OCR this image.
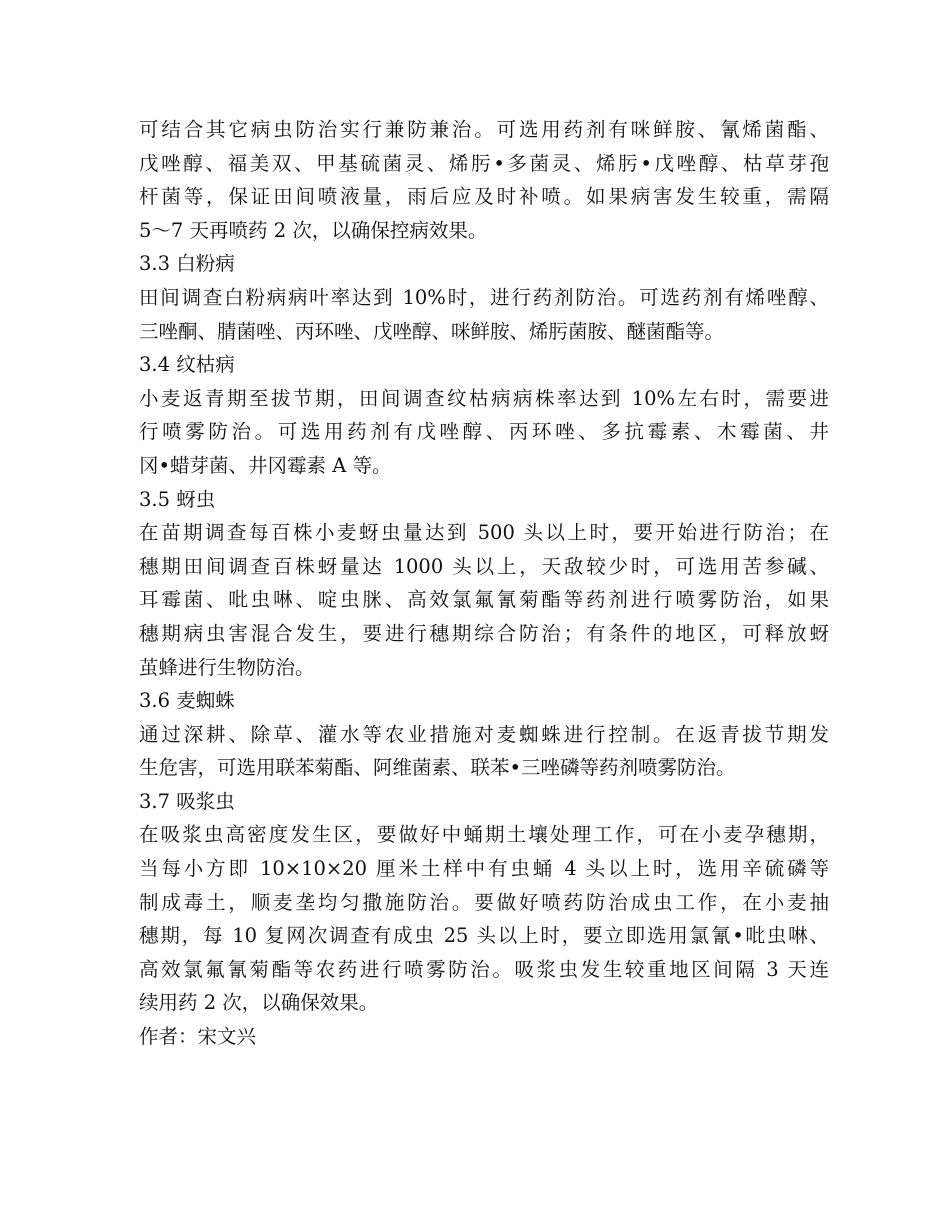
可结合其它病虫防治实行兼防兼治。可选用药剂有咪鲜胺、氰烯菌酯、
戊唑醇、福美双、甲基硫菌灵、烯肟•多菌灵、烯肟•戊唑醇、枯草芽孢
杆菌等，保证田间喷液量，雨后应及时补喷。如果病害发生较重，需隔
5～7 天再喷药 2 次，以确保控病效果。
3.3 白粉病
田间调查白粉病病叶率达到 10%时，进行药剂防治。可选药剂有烯唑醇、
三唑酮、腈菌唑、丙环唑、戊唑醇、咪鲜胺、烯肟菌胺、醚菌酯等。
3.4 纹枯病
小麦返青期至拔节期，田间调查纹枯病病株率达到 10%左右时，需要进
行喷雾防治。可选用药剂有戊唑醇、丙环唑、多抗霉素、木霉菌、井
冈•蜡芽菌、井冈霉素 A 等。
3.5 蚜虫
在苗期调查每百株小麦蚜虫量达到 500 头以上时，要开始进行防治；在
穗期田间调查百株蚜量达 1000 头以上，天敌较少时，可选用苦参碱、
耳霉菌、吡虫啉、啶虫脒、高效氯氟氰菊酯等药剂进行喷雾防治，如果
穗期病虫害混合发生，要进行穗期综合防治；有条件的地区，可释放蚜
茧蜂进行生物防治。
3.6 麦蜘蛛
通过深耕、除草、灌水等农业措施对麦蜘蛛进行控制。在返青拔节期发
生危害，可选用联苯菊酯、阿维菌素、联苯•三唑磷等药剂喷雾防治。
3.7 吸浆虫
在吸浆虫高密度发生区，要做好中蛹期土壤处理工作，可在小麦孕穗期，
当每小方即 10×10×20 厘米土样中有虫蛹 4 头以上时，选用辛硫磷等
制成毒土，顺麦垄均匀撒施防治。要做好喷药防治成虫工作，在小麦抽
穗期，每 10 复网次调查有成虫 25 头以上时，要立即选用氯氰•吡虫啉、
高效氯氟氰菊酯等农药进行喷雾防治。吸浆虫发生较重地区间隔 3 天连
续用药 2 次，以确保效果。
作者：宋文兴
